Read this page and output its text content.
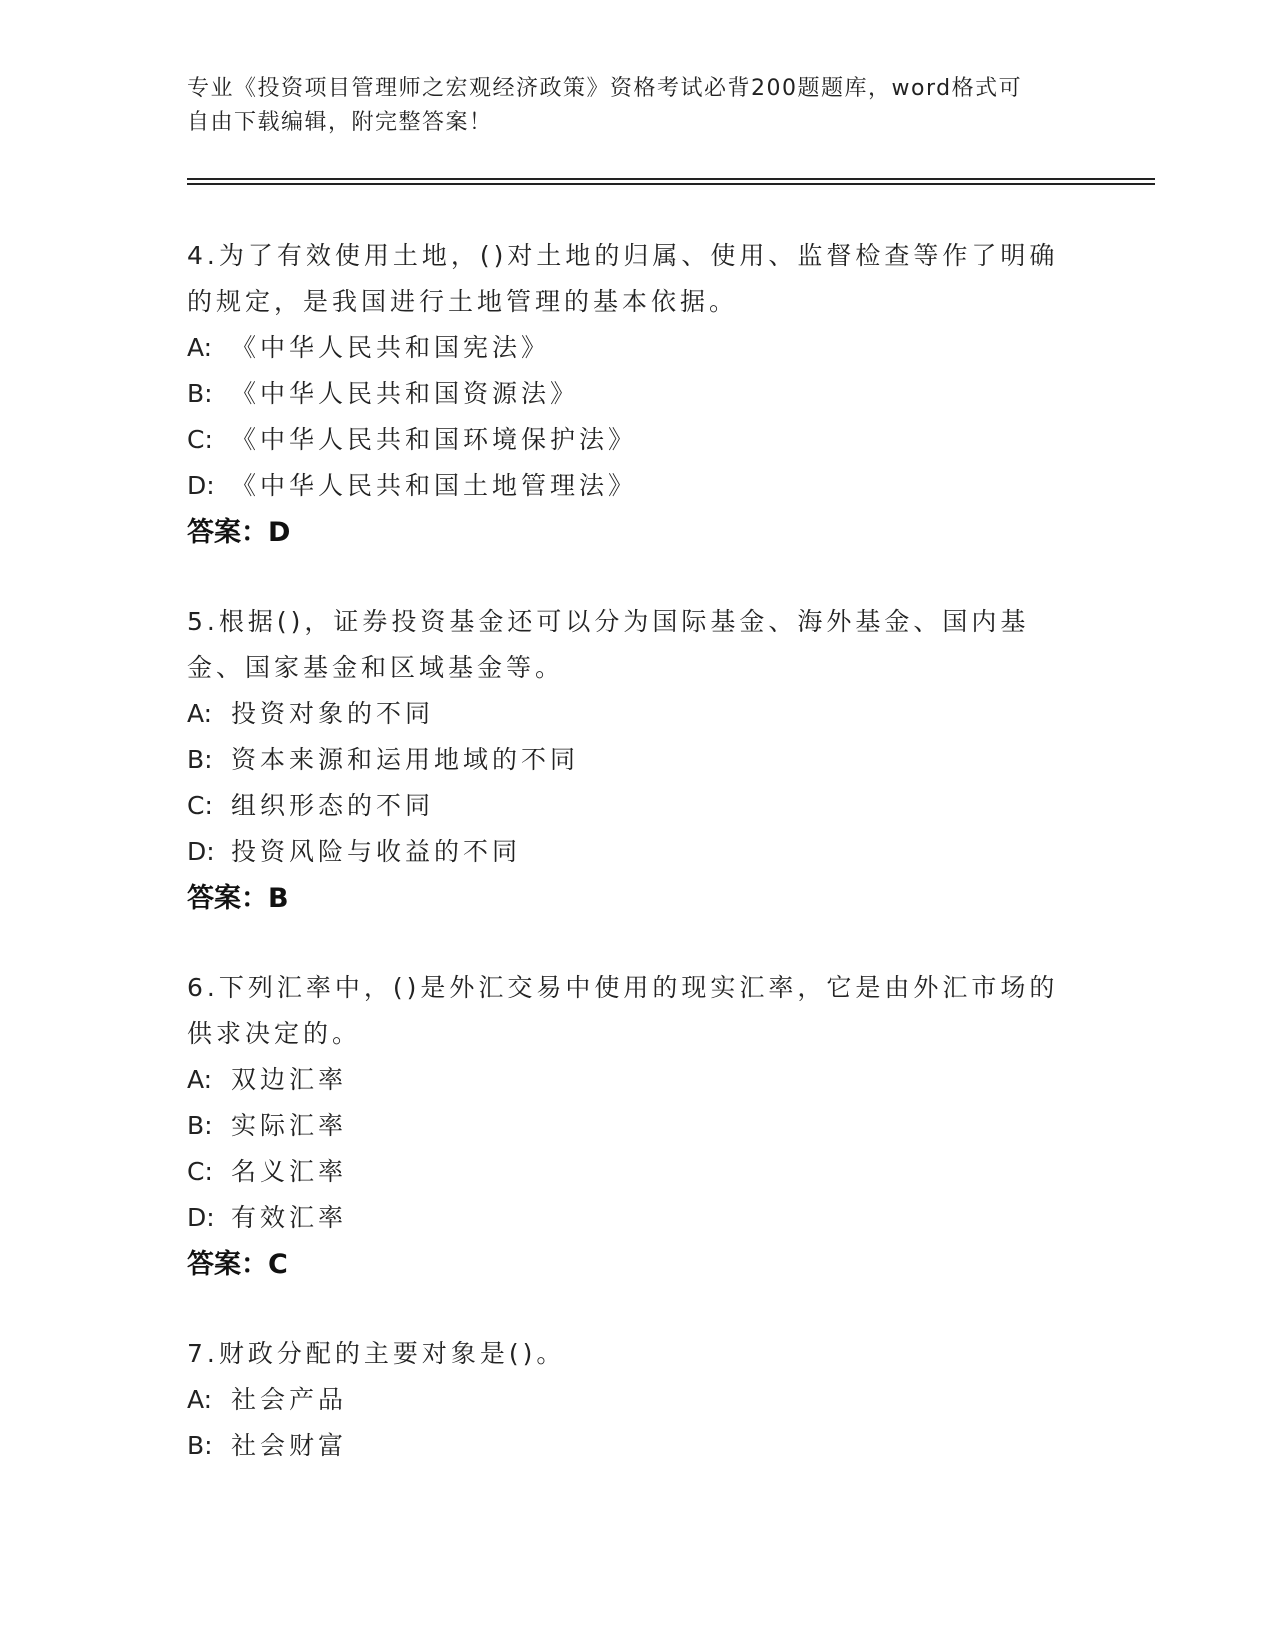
专业《投资项目管理师之宏观经济政策》资格考试必背200题题库，word格式可
自由下载编辑，附完整答案！
4.为了有效使用土地，()对土地的归属、使用、监督检查等作了明确的规定，是我国进行土地管理的基本依据。
A: 《中华人民共和国宪法》
B: 《中华人民共和国资源法》
C: 《中华人民共和国环境保护法》
D: 《中华人民共和国土地管理法》
答案：D
5.根据()，证券投资基金还可以分为国际基金、海外基金、国内基金、国家基金和区域基金等。
A: 投资对象的不同
B: 资本来源和运用地域的不同
C: 组织形态的不同
D: 投资风险与收益的不同
答案：B
6.下列汇率中，()是外汇交易中使用的现实汇率，它是由外汇市场的供求决定的。
A: 双边汇率
B: 实际汇率
C: 名义汇率
D: 有效汇率
答案：C
7.财政分配的主要对象是()。
A: 社会产品
B: 社会财富
